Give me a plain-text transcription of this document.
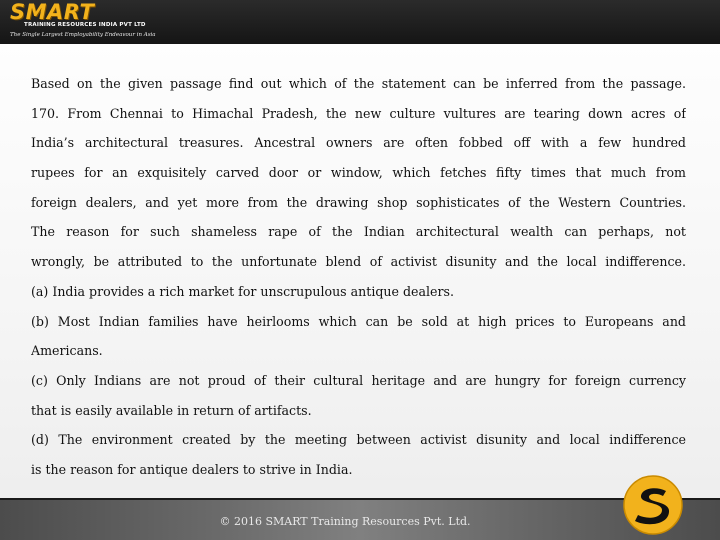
SMART
TRAINING RESOURCES INDIA PVT LTD
The Single Largest Employability Endeavour in Asia
Based on the given passage find out which of the statement can be inferred from the passage.
170. From Chennai to Himachal Pradesh, the new culture vultures are tearing down acres of
India’s architectural treasures. Ancestral owners are often fobbed off with a few hundred
rupees for an exquisitely carved door or window, which fetches fifty times that much from
foreign dealers, and yet more from the drawing shop sophisticates of the Western Countries.
The reason for such shameless rape of the Indian architectural wealth can perhaps, not
wrongly, be attributed to the unfortunate blend of activist disunity and the local indifference.
(a) India provides a rich market for unscrupulous antique dealers.
(b) Most Indian families have heirlooms which can be sold at high prices to Europeans and
Americans.
(c) Only Indians are not proud of their cultural heritage and are hungry for foreign currency
that is easily available in return of artifacts.
(d) The environment created by the meeting between activist disunity and local indifference
is the reason for antique dealers to strive in India.
© 2016 SMART Training Resources Pvt. Ltd.
